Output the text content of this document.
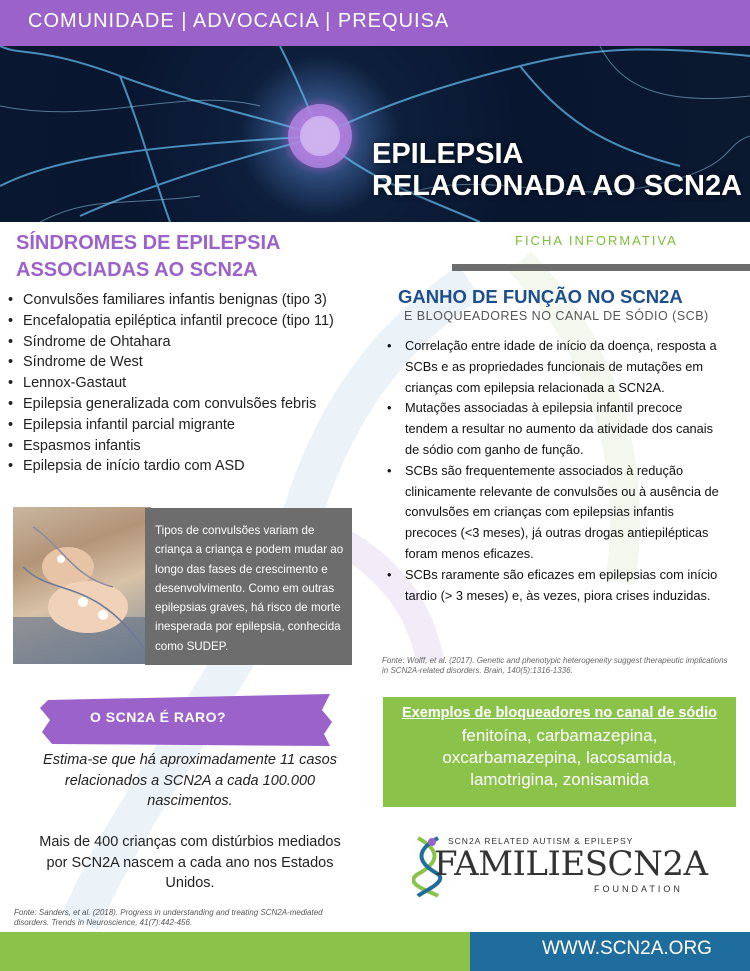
COMUNIDADE | ADVOCACIA | PREQUISA
EPILEPSIA
RELACIONADA AO SCN2A
SÍNDROMES DE EPILEPSIA
ASSOCIADAS AO SCN2A
• Convulsões familiares infantis benignas (tipo 3)
• Encefalopatia epiléptica infantil precoce (tipo 11)
• Síndrome de Ohtahara
• Síndrome de West
• Lennox-Gastaut
• Epilepsia generalizada com convulsões febris
• Epilepsia infantil parcial migrante
• Espasmos infantis
• Epilepsia de início tardio com ASD
Tipos de convulsões variam de criança a criança e podem mudar ao longo das fases de crescimento e desenvolvimento. Como em outras epilepsias graves, há risco de morte inesperada por epilepsia, conhecida como SUDEP.
O SCN2A É RARO?
Estima-se que há aproximadamente 11 casos relacionados a SCN2A a cada 100.000 nascimentos.
Mais de 400 crianças com distúrbios mediados por SCN2A nascem a cada ano nos Estados Unidos.
Fonte: Sanders, et al. (2018). Progress in understanding and treating SCN2A-mediated disorders. Trends in Neuroscience, 41(7):442-456.
FICHA INFORMATIVA
GANHO DE FUNÇÃO NO SCN2A
E BLOQUEADORES NO CANAL DE SÓDIO (SCB)
• Correlação entre idade de início da doença, resposta a SCBs e as propriedades funcionais de mutações em crianças com epilepsia relacionada a SCN2A.
• Mutações associadas à epilepsia infantil precoce tendem a resultar no aumento da atividade dos canais de sódio com ganho de função.
• SCBs são frequentemente associados à redução clinicamente relevante de convulsões ou à ausência de convulsões em crianças com epilepsias infantis precoces (<3 meses), já outras drogas antiepilépticas foram menos eficazes.
• SCBs raramente são eficazes em epilepsias com início tardio (> 3 meses) e, às vezes, piora crises induzidas.
Fonte: Wolff, et al. (2017). Genetic and phenotypic heterogeneity suggest therapeutic implications in SCN2A-related disorders. Brain, 140(5):1316-1336.
Exemplos de bloqueadores no canal de sódio
fenitoína, carbamazepina,
oxcarbamazepina, lacosamida,
lamotrigina, zonisamida
SCN2A RELATED AUTISM & EPILEPSY
FAMILIESCN2A
FOUNDATION
WWW.SCN2A.ORG
